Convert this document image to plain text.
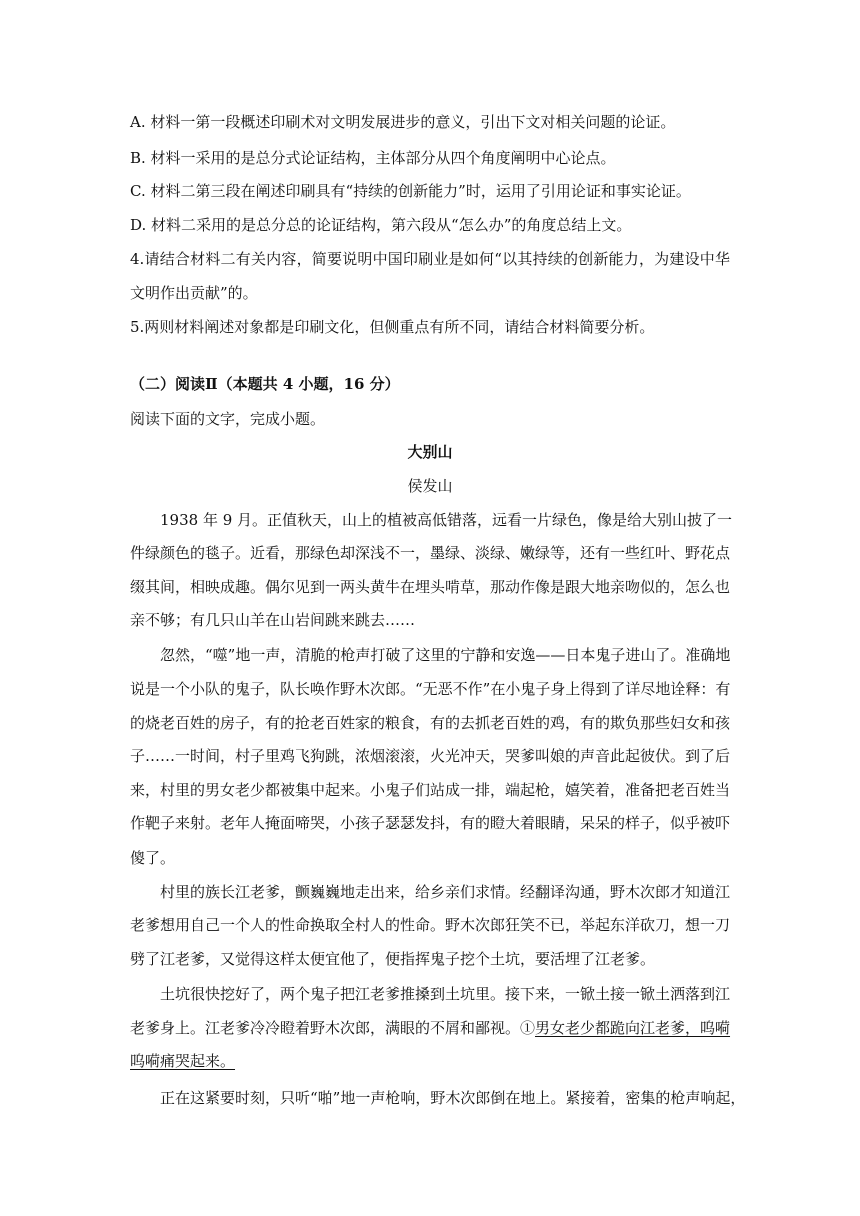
A. 材料一第一段概述印刷术对文明发展进步的意义，引出下文对相关问题的论证。
B. 材料一采用的是总分式论证结构，主体部分从四个角度阐明中心论点。
C. 材料二第三段在阐述印刷具有“持续的创新能力”时，运用了引用论证和事实论证。
D. 材料二采用的是总分总的论证结构，第六段从“怎么办”的角度总结上文。
4.请结合材料二有关内容，简要说明中国印刷业是如何“以其持续的创新能力，为建设中华
文明作出贡献”的。
5.两则材料阐述对象都是印刷文化，但侧重点有所不同，请结合材料简要分析。
（二）阅读Ⅱ（本题共 4 小题，16 分）
阅读下面的文字，完成小题。
大别山
侯发山
1938 年 9 月。正值秋天，山上的植被高低错落，远看一片绿色，像是给大别山披了一
件绿颜色的毯子。近看，那绿色却深浅不一，墨绿、淡绿、嫩绿等，还有一些红叶、野花点
缀其间，相映成趣。偶尔见到一两头黄牛在埋头啃草，那动作像是跟大地亲吻似的，怎么也
亲不够；有几只山羊在山岩间跳来跳去……
忽然，“噬”地一声，清脆的枪声打破了这里的宁静和安逸——日本鬼子进山了。准确地
说是一个小队的鬼子，队长唤作野木次郎。“无恶不作”在小鬼子身上得到了详尽地诠释：有
的烧老百姓的房子，有的抢老百姓家的粮食，有的去抓老百姓的鸡，有的欺负那些妇女和孩
子……一时间，村子里鸡飞狗跳，浓烟滚滚，火光冲天，哭爹叫娘的声音此起彼伏。到了后
来，村里的男女老少都被集中起来。小鬼子们站成一排，端起枪，嬉笑着，准备把老百姓当
作靶子来射。老年人掩面啼哭，小孩子瑟瑟发抖，有的瞪大着眼睛，呆呆的样子，似乎被吓
傻了。
村里的族长江老爹，颤巍巍地走出来，给乡亲们求情。经翻译沟通，野木次郎才知道江
老爹想用自己一个人的性命换取全村人的性命。野木次郎狂笑不已，举起东洋砍刀，想一刀
劈了江老爹，又觉得这样太便宜他了，便指挥鬼子挖个土坑，要活埋了江老爹。
土坑很快挖好了，两个鬼子把江老爹推搡到土坑里。接下来，一锨土接一锨土洒落到江
老爹身上。江老爹冷冷瞪着野木次郎，满眼的不屑和鄙视。①男女老少都跪向江老爹，呜嗬
呜嗬痛哭起来。
正在这紧要时刻，只听“啪”地一声枪响，野木次郎倒在地上。紧接着，密集的枪声响起，
